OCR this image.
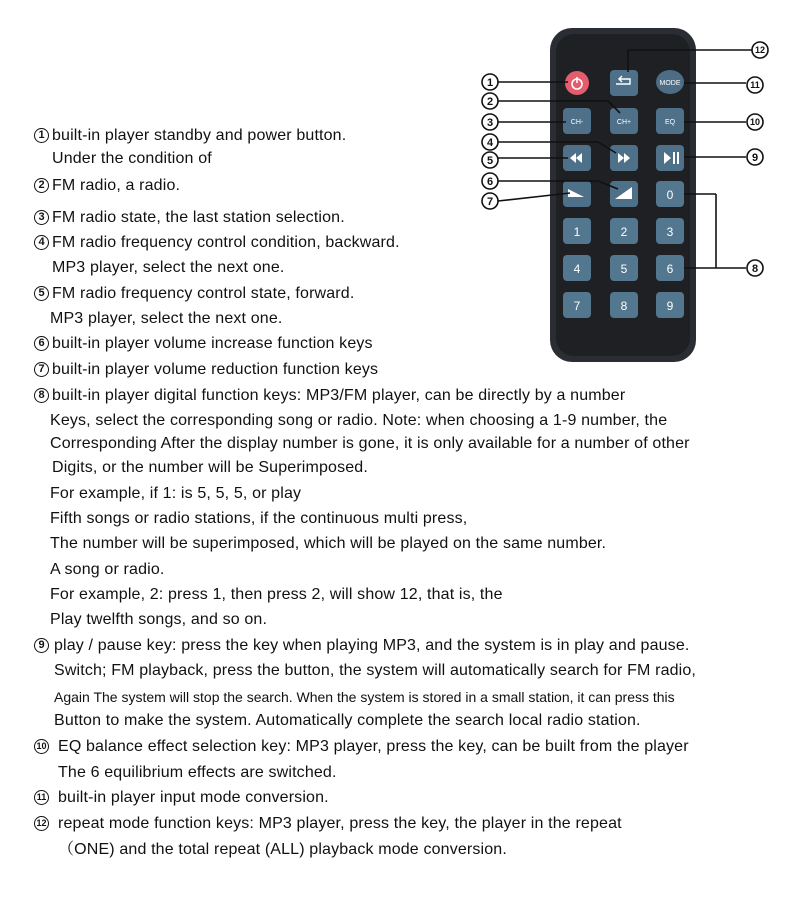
MODE
CH-	CH+	EQ
0
1	2	3
4	5	6
7	8	9
1
2
3
4
5
6
7
8
9
10
11
12
1 built-in player standby and power button.
Under the condition of
2 FM radio, a radio.
3 FM radio state, the last station selection.
4 FM radio frequency control condition, backward.
MP3 player, select the next one.
5 FM radio frequency control state, forward.
MP3 player, select the next one.
6 built-in player volume increase function keys
7 built-in player volume reduction function keys
8 built-in player digital function keys: MP3/FM player, can be directly by a number
Keys, select the corresponding song or radio. Note: when choosing a 1-9 number, the
Corresponding After the display number is gone, it is only available for a number of other
Digits, or the number will be Superimposed.
For example, if 1: is 5, 5, 5, or play
Fifth songs or radio stations, if the continuous multi press,
The number will be superimposed, which will be played on the same number.
A song or radio.
For example, 2: press 1, then press 2, will show 12, that is, the
Play twelfth songs, and so on.
9 play / pause key: press the key when playing MP3, and the system is in play and pause.
Switch; FM playback, press the button, the system will automatically search for FM radio,
Again The system will stop the search. When the system is stored in a small station, it can press this
Button to make the system. Automatically complete the search local radio station.
10 EQ balance effect selection key: MP3 player, press the key, can be built from the player
The 6 equilibrium effects are switched.
11 built-in player input mode conversion.
12 repeat mode function keys: MP3 player, press the key, the player in the repeat
（ONE) and the total repeat (ALL) playback mode conversion.
